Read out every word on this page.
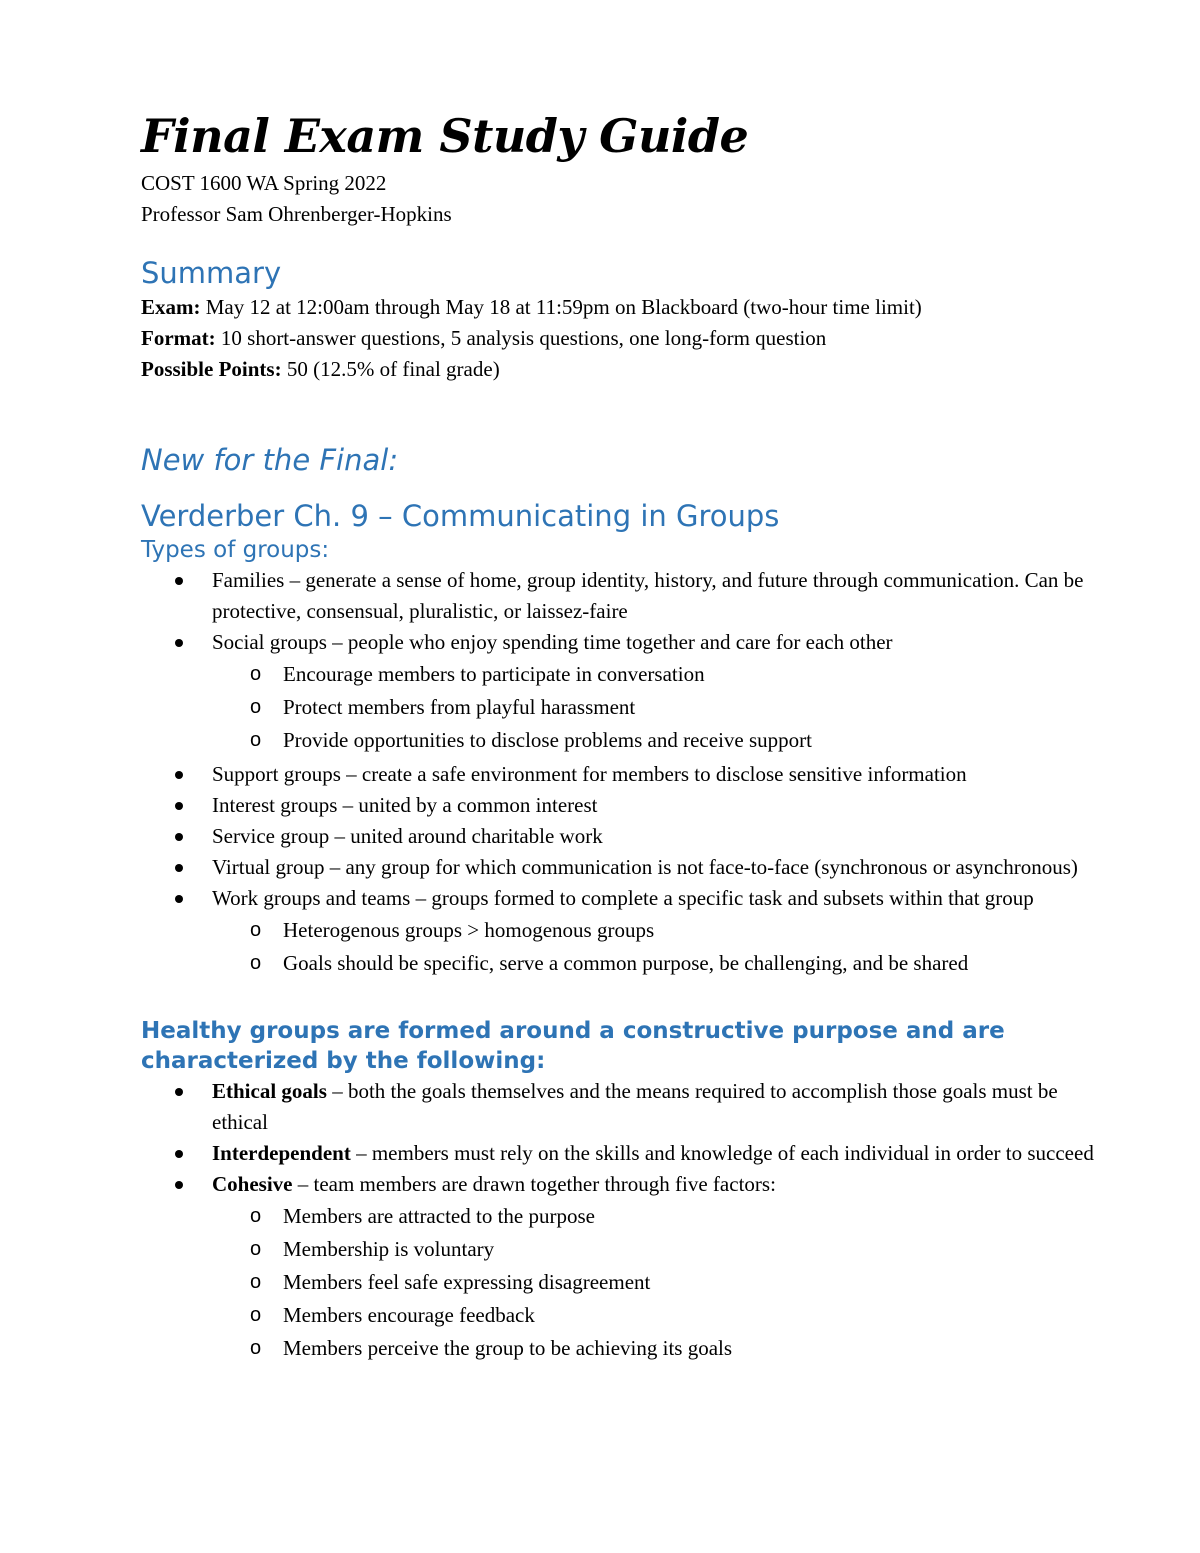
Final Exam Study Guide

COST 1600 WA Spring 2022

Professor Sam Ohrenberger-Hopkins

Summary

Exam: May 12 at 12:00am through May 18 at 11:59pm on Blackboard (two-hour time limit)

Format: 10 short-answer questions, 5 analysis questions, one long-form question

Possible Points: 50 (12.5% of final grade)

New for the Final:
Verderber Ch. 9 – Communicating in Groups
Types of groups:
Families – generate a sense of home, group identity, history, and future through communication. Can be protective, consensual, pluralistic, or laissez-faire
Social groups – people who enjoy spending time together and care for each other
o Encourage members to participate in conversation
o Protect members from playful harassment
o Provide opportunities to disclose problems and receive support
Support groups – create a safe environment for members to disclose sensitive information
Interest groups – united by a common interest
Service group – united around charitable work
Virtual group – any group for which communication is not face-to-face (synchronous or asynchronous)
Work groups and teams – groups formed to complete a specific task and subsets within that group
o Heterogenous groups > homogenous groups
o Goals should be specific, serve a common purpose, be challenging, and be shared
Healthy groups are formed around a constructive purpose and are characterized by the following:
Ethical goals – both the goals themselves and the means required to accomplish those goals must be ethical
Interdependent – members must rely on the skills and knowledge of each individual in order to succeed
Cohesive – team members are drawn together through five factors:
o Members are attracted to the purpose
o Membership is voluntary
o Members feel safe expressing disagreement
o Members encourage feedback
o Members perceive the group to be achieving its goals
